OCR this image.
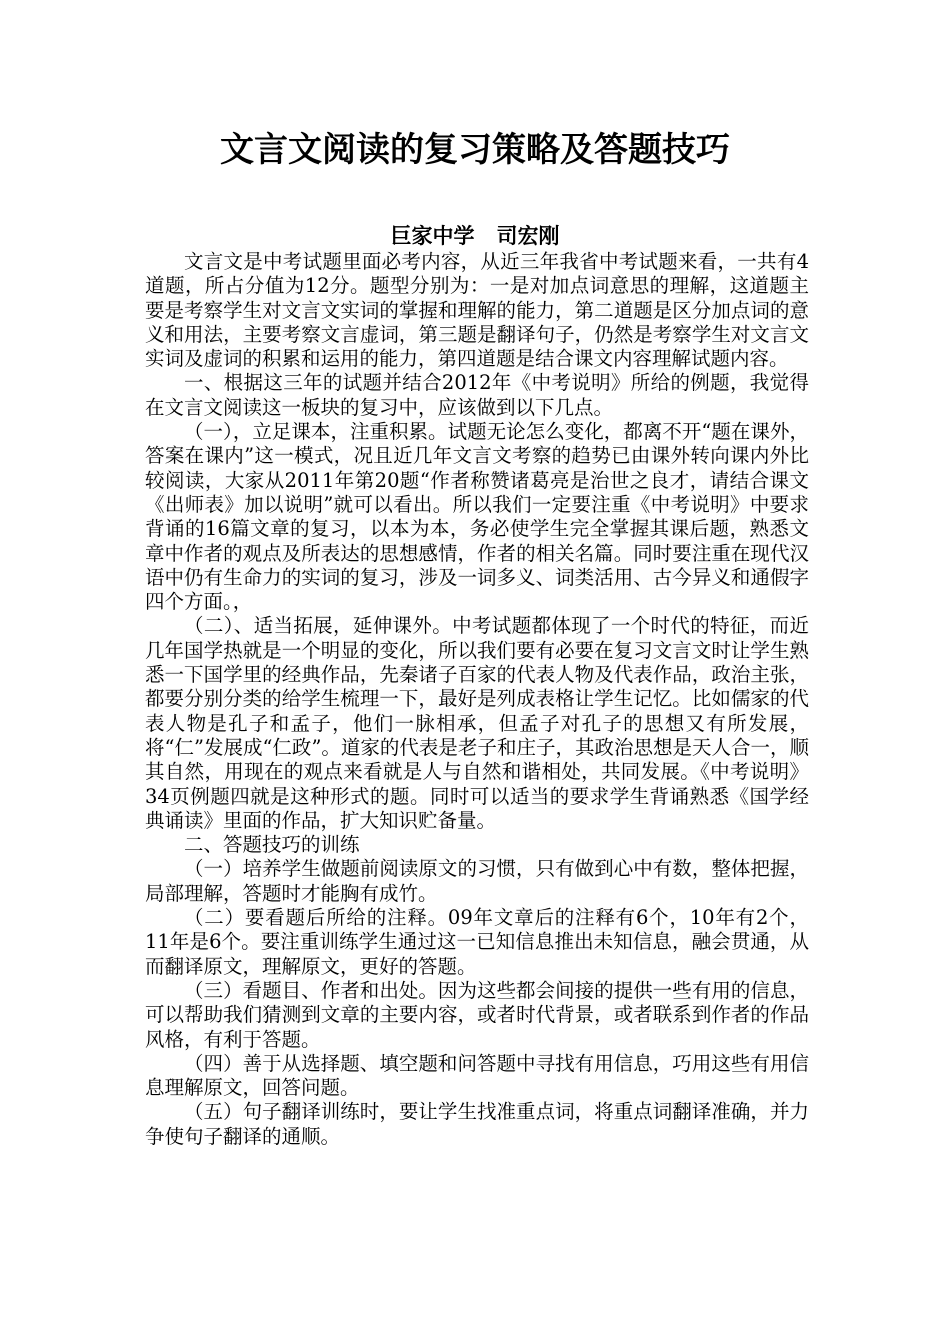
文言文阅读的复习策略及答题技巧
巨家中学   司宏刚

文言文是中考试题里面必考内容，从近三年我省中考试题来看，一共有4道题，所占分值为12分。题型分别为：一是对加点词意思的理解，这道题主要是考察学生对文言文实词的掌握和理解的能力，第二道题是区分加点词的意义和用法，主要考察文言虚词，第三题是翻译句子，仍然是考察学生对文言文实词及虚词的积累和运用的能力，第四道题是结合课文内容理解试题内容。

一、根据这三年的试题并结合2012年《中考说明》所给的例题，我觉得在文言文阅读这一板块的复习中，应该做到以下几点。

（一），立足课本，注重积累。试题无论怎么变化，都离不开“题在课外，答案在课内”这一模式，况且近几年文言文考察的趋势已由课外转向课内外比较阅读，大家从2011年第20题“作者称赞诸葛亮是治世之良才，请结合课文《出师表》加以说明”就可以看出。所以我们一定要注重《中考说明》中要求背诵的16篇文章的复习，以本为本，务必使学生完全掌握其课后题，熟悉文章中作者的观点及所表达的思想感情，作者的相关名篇。同时要注重在现代汉语中仍有生命力的实词的复习，涉及一词多义、词类活用、古今异义和通假字四个方面。，

（二）、适当拓展，延伸课外。中考试题都体现了一个时代的特征，而近几年国学热就是一个明显的变化，所以我们要有必要在复习文言文时让学生熟悉一下国学里的经典作品，先秦诸子百家的代表人物及代表作品，政治主张，都要分别分类的给学生梳理一下，最好是列成表格让学生记忆。比如儒家的代表人物是孔子和孟子，他们一脉相承，但孟子对孔子的思想又有所发展，将“仁”发展成“仁政”。道家的代表是老子和庄子，其政治思想是天人合一，顺其自然，用现在的观点来看就是人与自然和谐相处，共同发展。《中考说明》34页例题四就是这种形式的题。同时可以适当的要求学生背诵熟悉《国学经典诵读》里面的作品，扩大知识贮备量。

二、答题技巧的训练

（一）培养学生做题前阅读原文的习惯，只有做到心中有数，整体把握，局部理解，答题时才能胸有成竹。

（二）要看题后所给的注释。09年文章后的注释有6个，10年有2个，11年是6个。要注重训练学生通过这一已知信息推出未知信息，融会贯通，从而翻译原文，理解原文，更好的答题。

（三）看题目、作者和出处。因为这些都会间接的提供一些有用的信息，可以帮助我们猜测到文章的主要内容，或者时代背景，或者联系到作者的作品风格，有利于答题。

（四）善于从选择题、填空题和问答题中寻找有用信息，巧用这些有用信息理解原文，回答问题。

（五）句子翻译训练时，要让学生找准重点词，将重点词翻译准确，并力争使句子翻译的通顺。
